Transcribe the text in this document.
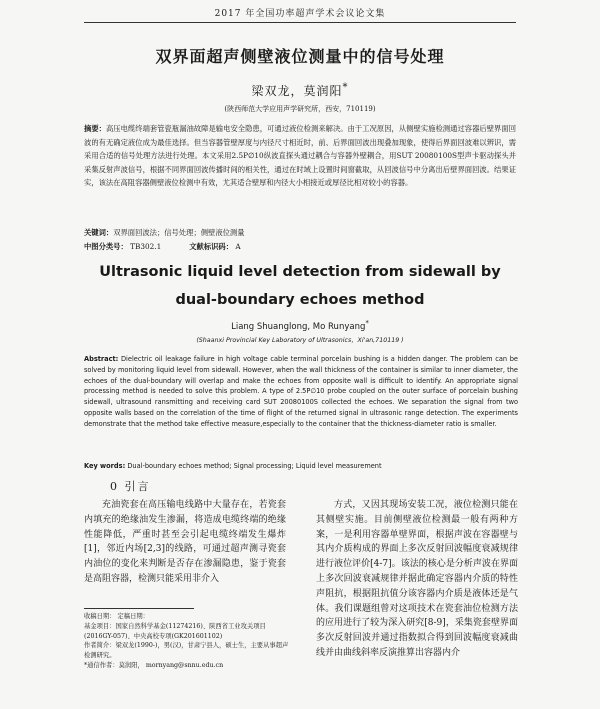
2017 年全国功率超声学术会议论文集
双界面超声侧壁液位测量中的信号处理
梁双龙，莫润阳*
(陕西师范大学应用声学研究所，西安，710119)

摘要：高压电缆终端套管瓷瓶漏油故障是输电安全隐患，可通过液位检测来解决。由于工况原因，从侧壁实施检测通过容器后壁界面回波的有无确定液位成为最佳选择。但当容器管壁厚度与内径尺寸相近时，前、后界面回波出现叠加现象，使得后界面回波难以辨识，需采用合适的信号处理方法进行处理。本文采用2.5P∅10纵波直探头通过耦合与容器外壁耦合，用SUT 20080100S型声卡驱动探头并采集反射声波信号，根据不同界面回波传播时间的相关性，通过在时域上设置时间窗截取，从回波信号中分离出后壁界面回波。结果证实，该法在高阻容器侧壁液位检测中有效，尤其适合壁厚和内径大小相接近或厚径比相对较小的容器。

关键词：双界面回波法；信号处理；侧壁液位测量
中图分类号： TB302.1	文献标识码： A
Ultrasonic liquid level detection from sidewall by
dual-boundary echoes method
Liang Shuanglong, Mo Runyang*
(Shaanxi Provincial Key Laboratory of Ultrasonics，Xi'an,710119 )

Abstract: Dielectric oil leakage failure in high voltage cable terminal porcelain bushing is a hidden danger. The problem can be solved by monitoring liquid level from sidewall. However, when the wall thickness of the container is similar to inner diameter, the echoes of the dual-boundary will overlap and make the echoes from opposite wall is difficult to identify. An appropriate signal processing method is needed to solve this problem. A type of 2.5P∅10 probe coupled on the outer surface of porcelain bushing sidewall, ultrasound ransmitting and receiving card SUT 20080100S collected the echoes. We separation the signal from two opposite walls based on the correlation of the time of flight of the returned signal in ultrasonic range detection. The experiments demonstrate that the method take effective measure,especially to the container that the thickness-diameter ratio is smaller.

Key words: Dual-boundary echoes method; Signal processing; Liquid level measurement
0 引言

充油瓷套在高压输电线路中大量存在，若瓷套内填充的绝缘油发生渗漏，将造成电缆终端的绝缘性能降低，严重时甚至会引起电缆终端发生爆炸[1]，邻近内场[2,3]的线路，可通过超声测寻瓷套内油位的变化来判断是否存在渗漏隐患，鉴于瓷套是高阻容器，检测只能采用非介入

方式，又因其现场安装工况，液位检测只能在其侧壁实施。目前侧壁液位检测最一般有两种方案，一是利用容器单壁界面，根据声波在容器壁与其内介质构成的界面上多次反射回波幅度衰减规律进行液位评价[4-7]。该法的核心是分析声波在界面上多次回波衰减规律并据此确定容器内介质的特性声阻抗，根据阻抗值分该容器内介质是液体还是气体。我们课题组曾对这项技术在瓷套油位检测方法的应用进行了较为深入研究[8-9]，采集瓷套壁界面多次反射回波并通过指数拟合得到回波幅度衰减曲线并由曲线斜率反演推算出容器内介

收稿日期： 定稿日期：
基金项目：国家自然科学基金(11274216)、陕西省工业攻关项目(2016GY-057)、中央高校专项(GK201601102)
作者简介：梁双龙(1990-)，男(汉)，甘肃宁县人，硕士生，主要从事超声检测研究。
*通信作者：莫润阳， mornyang@snnu.edu.cn
